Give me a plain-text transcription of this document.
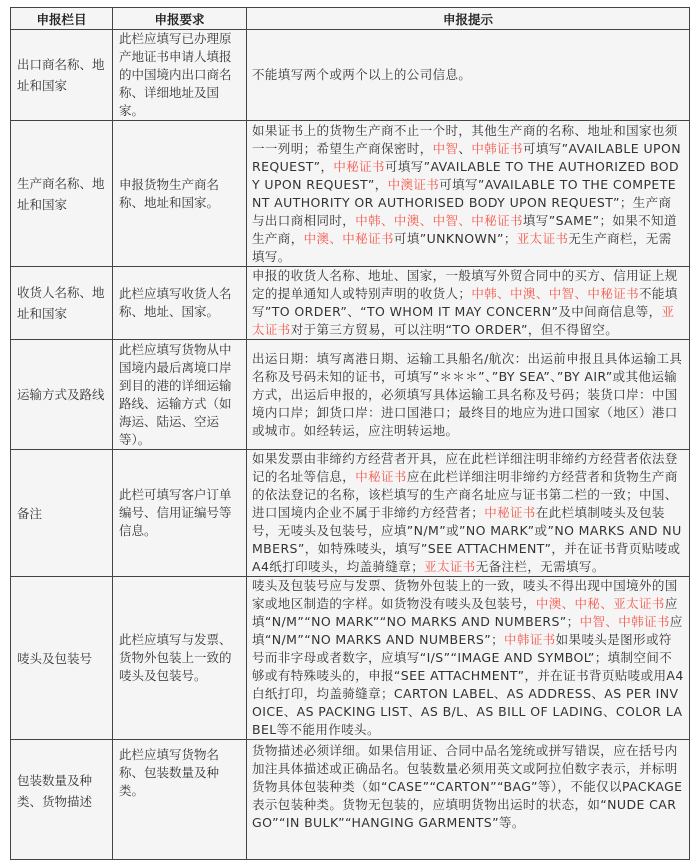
申报栏目	申报要求	申报提示
出口商名称、地址和国家	此栏应填写已办理原产地证书申请人填报的中国境内出口商名称、详细地址及国家。	不能填写两个或两个以上的公司信息。
生产商名称、地址和国家	申报货物生产商名称、地址和国家。	如果证书上的货物生产商不止一个时，其他生产商的名称、地址和国家也须一一列明；希望生产商保密时，中智、中韩证书可填写”AVAILABLE UPON REQUEST”，中秘证书可填写”AVAILABLE TO THE AUTHORIZED BODY UPON REQUEST”，中澳证书可填写”AVAILABLE TO THE COMPETENT AUTHORITY OR AUTHORISED BODY UPON REQUEST”；生产商与出口商相同时，中韩、中澳、中智、中秘证书填写”SAME”；如果不知道生产商，中澳、中秘证书可填”UNKNOWN”；亚太证书无生产商栏，无需填写。
收货人名称、地址和国家	此栏应填写收货人名称、地址、国家。	申报的收货人名称、地址、国家，一般填写外贸合同中的买方、信用证上规定的提单通知人或特别声明的收货人；中韩、中澳、中智、中秘证书不能填写”TO ORDER”、“TO WHOM IT MAY CONCERN”及中间商信息等，亚太证书对于第三方贸易，可以注明“TO ORDER”，但不得留空。
运输方式及路线	此栏应填写货物从中国境内最后离境口岸到目的港的详细运输路线、运输方式（如海运、陆运、空运等）。	出运日期：填写离港日期、运输工具船名/航次：出运前申报且具体运输工具名称及号码未知的证书，可填写”＊＊＊”、”BY SEA”、”BY AIR”或其他运输方式，出运后申报的，必须填写具体运输工具名称及号码；装货口岸：中国境内口岸；卸货口岸：进口国港口；最终目的地应为进口国家（地区）港口或城市。如经转运，应注明转运地。
备注	此栏可填写客户订单编号、信用证编号等信息。	如果发票由非缔约方经营者开具，应在此栏详细注明非缔约方经营者依法登记的名址等信息，中秘证书应在此栏详细注明非缔约方经营者和货物生产商的依法登记的名称，该栏填写的生产商名址应与证书第二栏的一致；中国、进口国境内企业不属于非缔约方经营者；中秘证书在此栏填制唛头及包装号，无唛头及包装号，应填”N/M”或”NO MARK”或”NO MARKS AND NUMBERS”，如特殊唛头，填写”SEE ATTACHMENT”，并在证书背页贴唛或A4纸打印唛头，均盖骑缝章；亚太证书无备注栏，无需填写。
唛头及包装号	此栏应填写与发票、货物外包装上一致的唛头及包装号。	唛头及包装号应与发票、货物外包装上的一致，唛头不得出现中国境外的国家或地区制造的字样。如货物没有唛头及包装号，中澳、中秘、亚太证书应填“N/M”“NO MARK”“NO MARKS AND NUMBERS”；中智、中韩证书应填“N/M”“NO MARKS AND NUMBERS”；中韩证书如果唛头是图形或符号而非字母或者数字，应填写“I/S”“IMAGE AND SYMBOL”；填制空间不够或有特殊唛头的，申报“SEE ATTACHMENT”，并在证书背页贴唛或用A4白纸打印，均盖骑缝章；CARTON LABEL、AS ADDRESS、AS PER INVOICE、AS PACKING LIST、AS B/L、AS BILL OF LADING、COLOR LABEL等不能用作唛头。
包装数量及种类、货物描述	此栏应填写货物名称、包装数量及种类。	货物描述必须详细。如果信用证、合同中品名笼统或拼写错误，应在括号内加注具体描述或正确品名。包装数量必须用英文或阿拉伯数字表示，并标明货物具体包装种类（如“CASE”“CARTON”“BAG”等），不能仅以PACKAGE表示包装种类。货物无包装的，应填明货物出运时的状态，如“NUDE CARGO”“IN BULK”“HANGING GARMENTS”等。
